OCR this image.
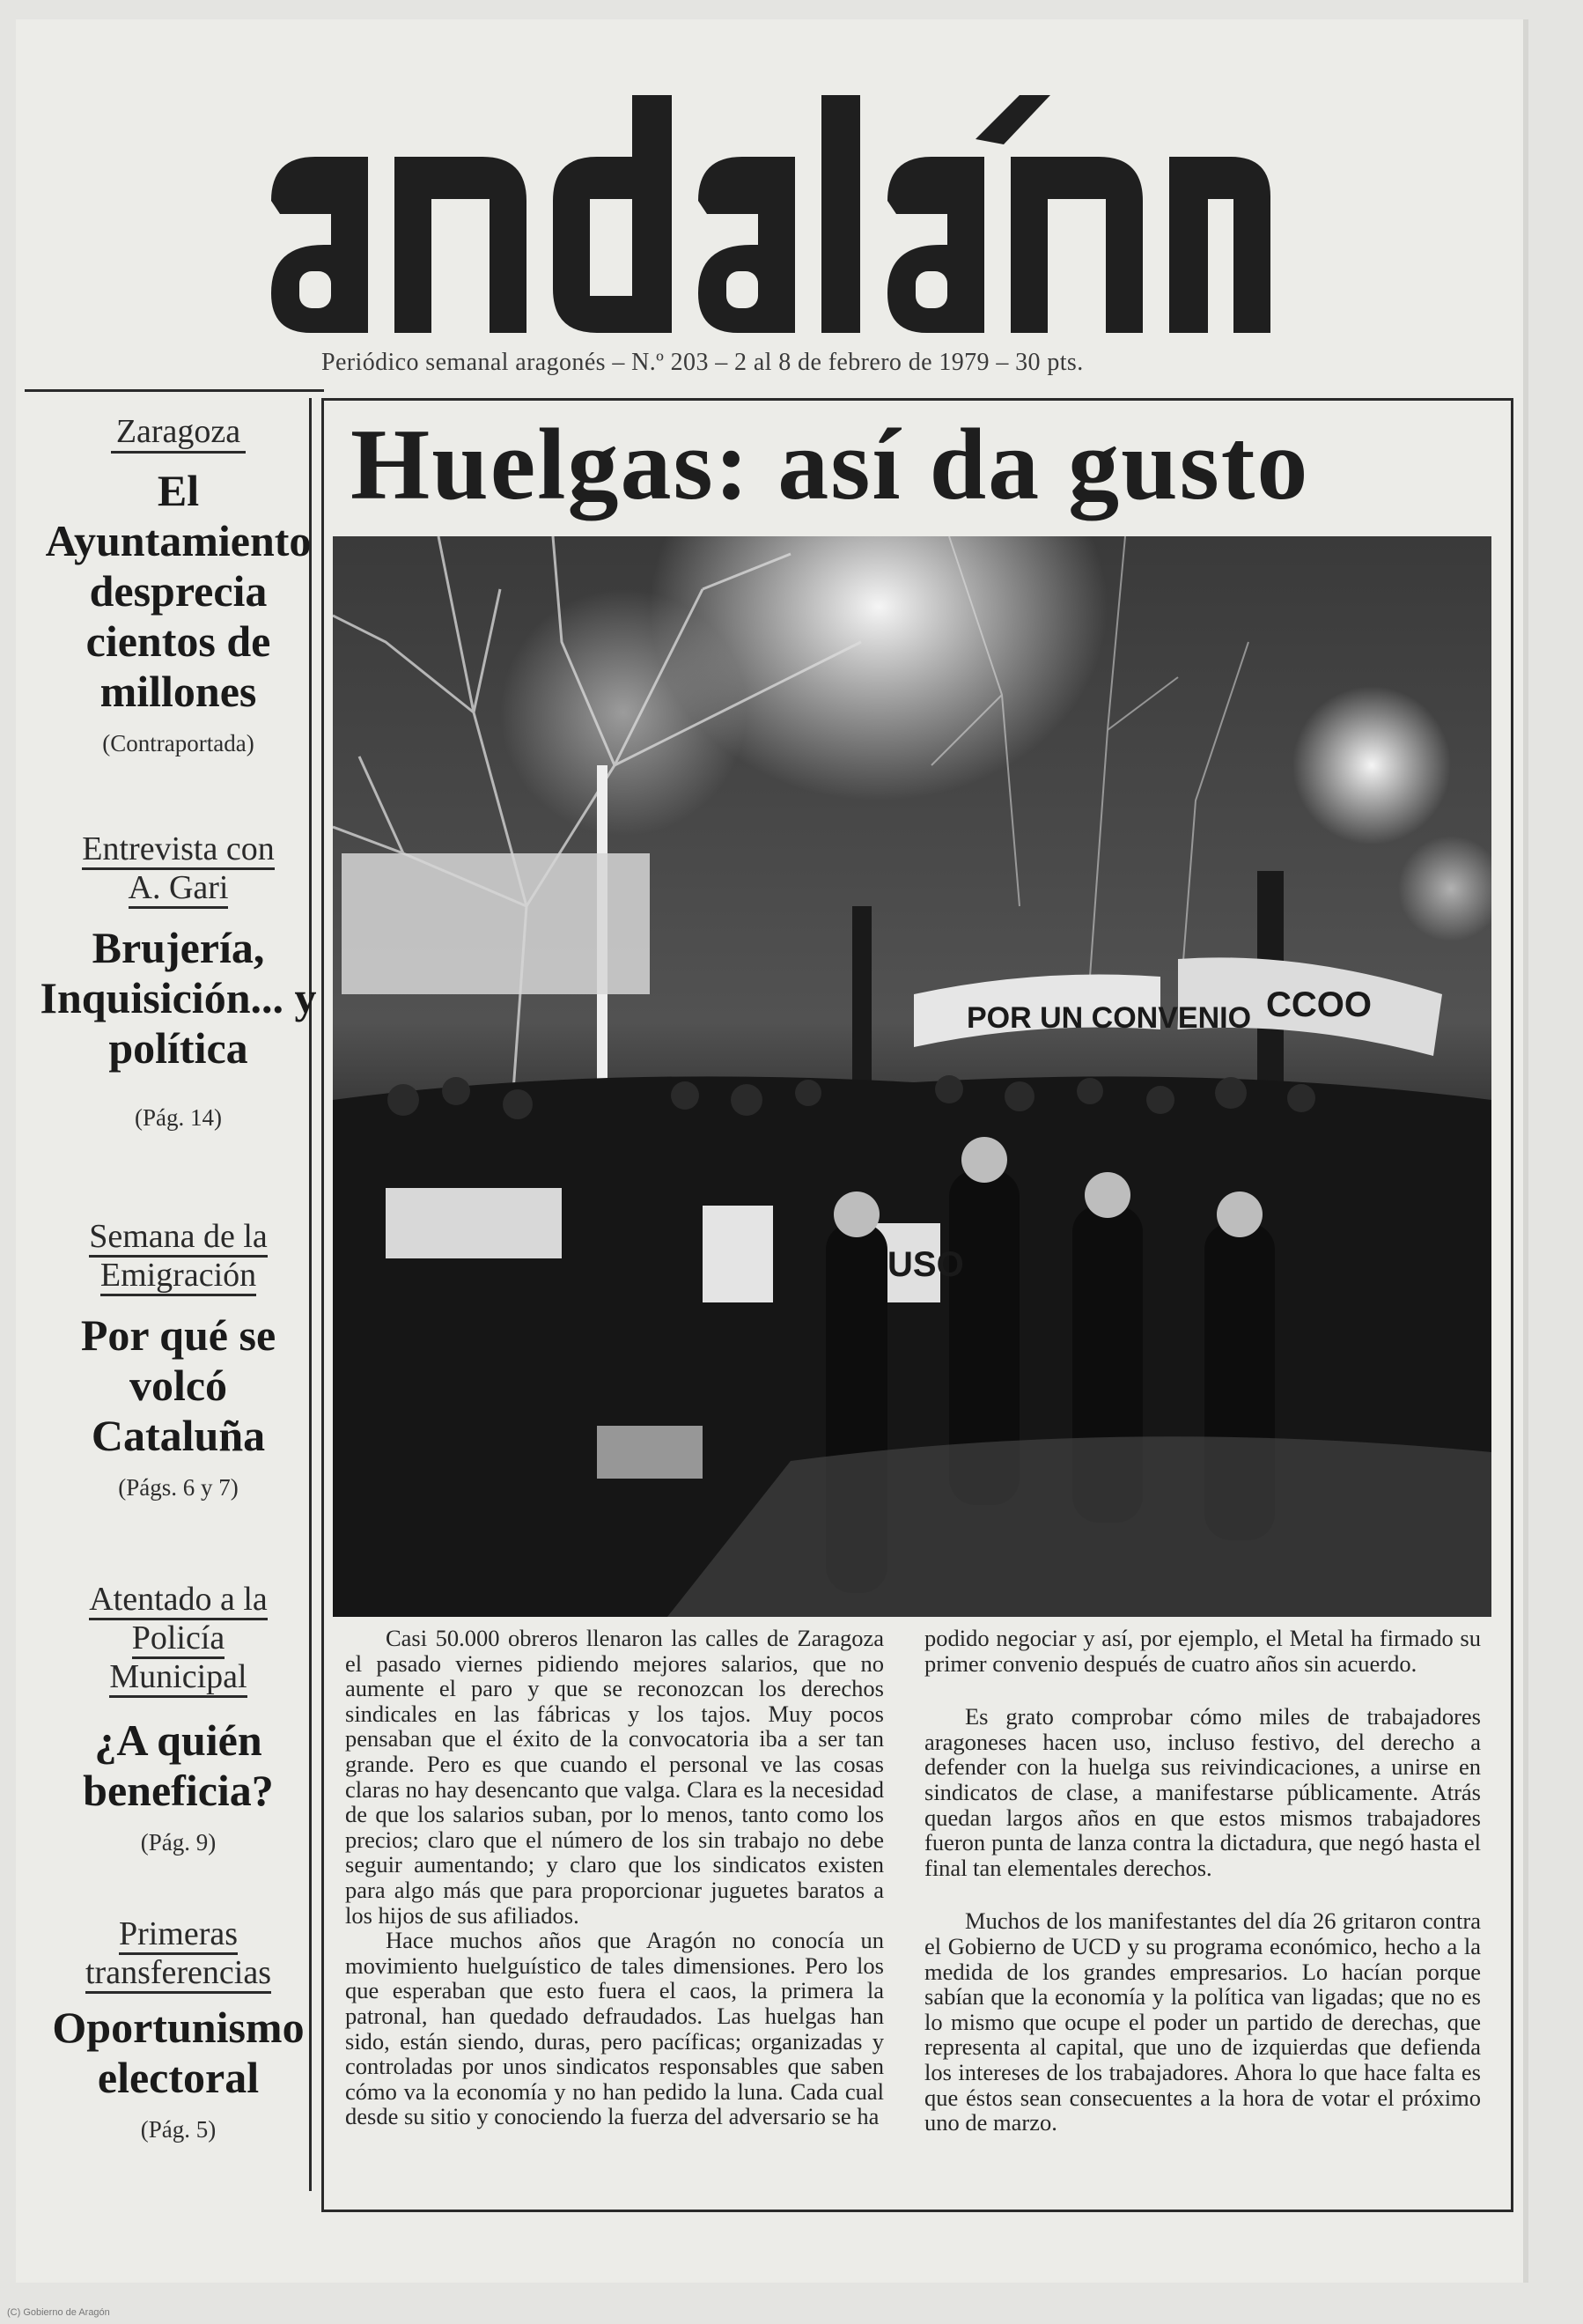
Periódico semanal aragonés – N.º 203 – 2 al 8 de febrero de 1979 – 30 pts.
Zaragoza
El Ayuntamiento desprecia cientos de millones
(Contraportada)
Entrevista con A. Gari
Brujería, Inquisición... y política
(Pág. 14)
Semana de la Emigración
Por qué se volcó Cataluña
(Págs. 6 y 7)
Atentado a la Policía Municipal
¿A quién beneficia?
(Pág. 9)
Primeras transferencias
Oportunismo electoral
(Pág. 5)
Huelgas: así da gusto
POR UN CONVENIO CCOO
USO

Casi 50.000 obreros llenaron las calles de Zaragoza el pasado viernes pidiendo mejores salarios, que no aumente el paro y que se reconozcan los derechos sindicales en las fábricas y los tajos. Muy pocos pensaban que el éxito de la convocatoria iba a ser tan grande. Pero es que cuando el personal ve las cosas claras no hay desencanto que valga. Clara es la necesidad de que los salarios suban, por lo menos, tanto como los precios; claro que el número de los sin trabajo no debe seguir aumentando; y claro que los sindicatos existen para algo más que para proporcionar juguetes baratos a los hijos de sus afiliados.

Hace muchos años que Aragón no conocía un movimiento huelguístico de tales dimensiones. Pero los que esperaban que esto fuera el caos, la primera la patronal, han quedado defraudados. Las huelgas han sido, están siendo, duras, pero pacíficas; organizadas y controladas por unos sindicatos responsables que saben cómo va la economía y no han pedido la luna. Cada cual desde su sitio y conociendo la fuerza del adversario se ha

podido negociar y así, por ejemplo, el Metal ha firmado su primer convenio después de cuatro años sin acuerdo.

Es grato comprobar cómo miles de trabajadores aragoneses hacen uso, incluso festivo, del derecho a defender con la huelga sus reivindicaciones, a unirse en sindicatos de clase, a manifestarse públicamente. Atrás quedan largos años en que estos mismos trabajadores fueron punta de lanza contra la dictadura, que negó hasta el final tan elementales derechos.

Muchos de los manifestantes del día 26 gritaron contra el Gobierno de UCD y su programa económico, hecho a la medida de los grandes empresarios. Lo hacían porque sabían que la economía y la política van ligadas; que no es lo mismo que ocupe el poder un partido de derechas, que representa al capital, que uno de izquierdas que defienda los intereses de los trabajadores. Ahora lo que hace falta es que éstos sean consecuentes a la hora de votar el próximo uno de marzo.

(C) Gobierno de Aragón
